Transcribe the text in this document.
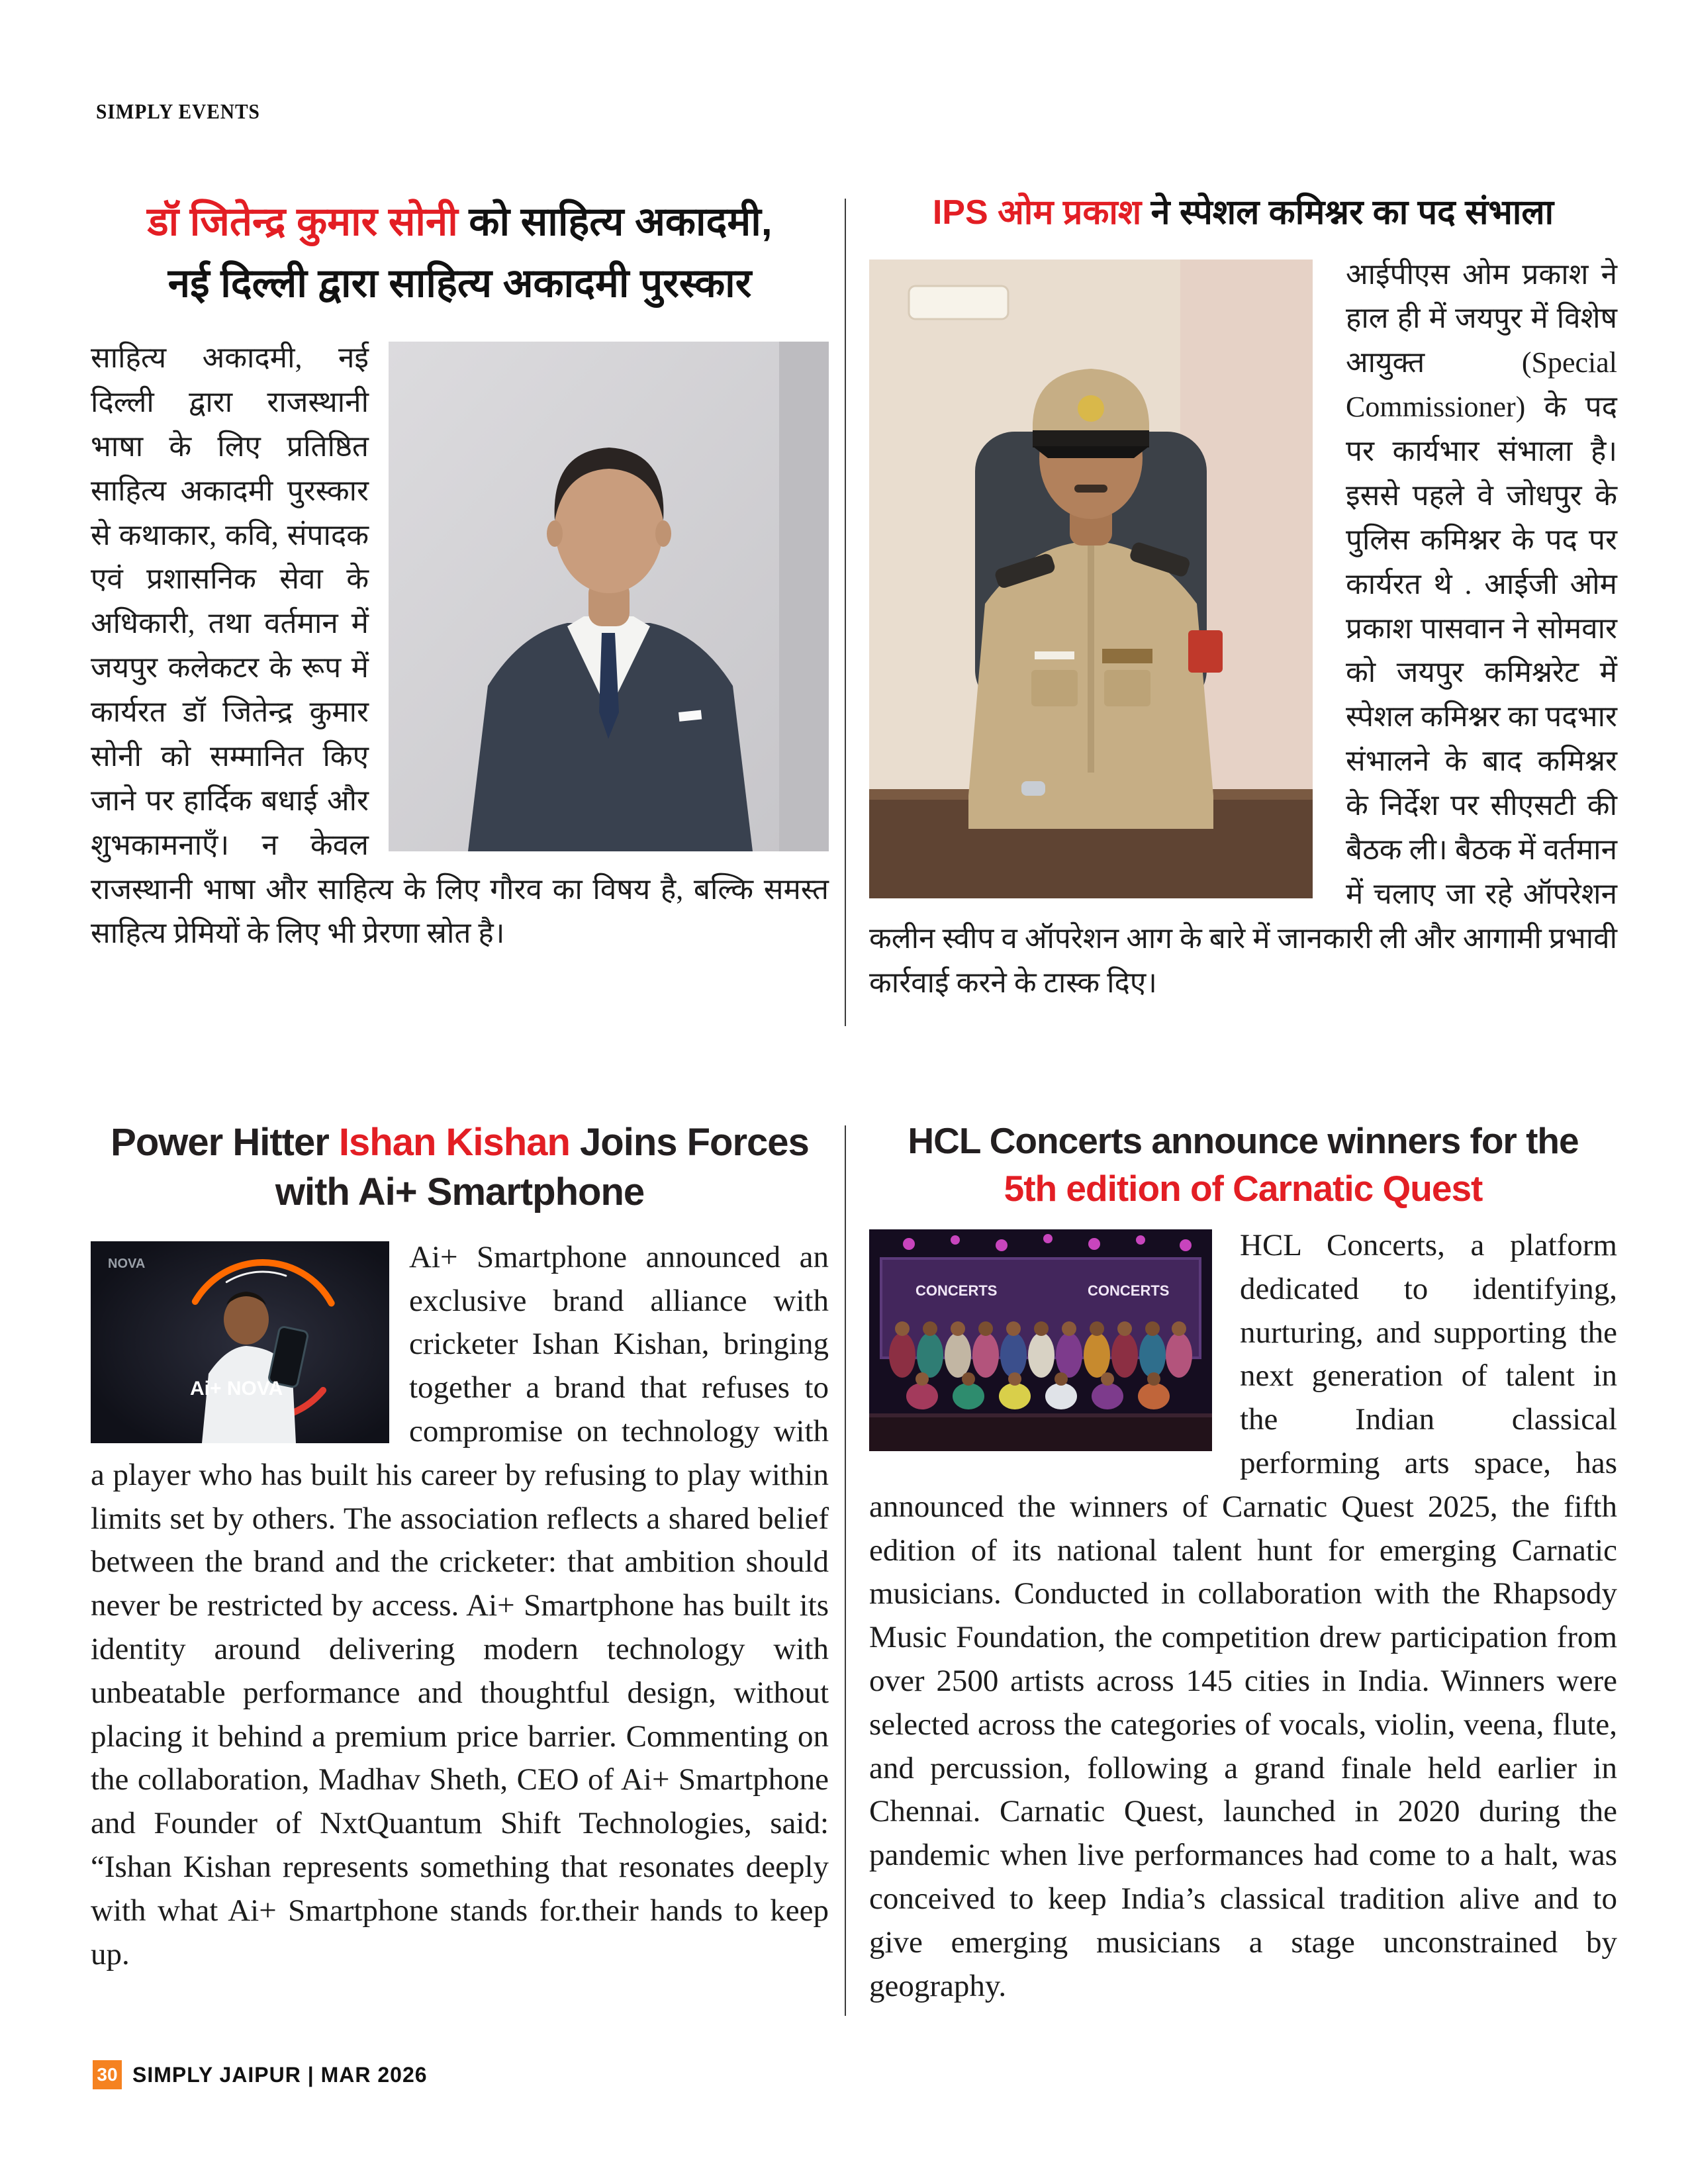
SIMPLY EVENTS
डॉ जितेन्द्र कुमार सोनी को साहित्य अकादमी,
नई दिल्ली द्वारा साहित्य अकादमी पुरस्कार
साहित्य अकादमी, नई दिल्ली द्वारा राजस्थानी भाषा के लिए प्रतिष्ठित साहित्य अकादमी पुरस्कार से कथाकार, कवि, संपादक एवं प्रशासनिक सेवा के अधिकारी, तथा वर्तमान में जयपुर कलेकटर के रूप में कार्यरत डॉ जितेन्द्र कुमार सोनी को सम्मानित किए जाने पर हार्दिक बधाई और शुभकामनाएँ। न केवल राजस्थानी भाषा और साहित्य के लिए गौरव का विषय है, बल्कि समस्त साहित्य प्रेमियों के लिए भी प्रेरणा स्रोत है।
IPS ओम प्रकाश ने स्पेशल कमिश्नर का पद संभाला
आईपीएस ओम प्रकाश ने हाल ही में जयपुर में विशेष आयुक्त (Special Commissioner) के पद पर कार्यभार संभाला है। इससे पहले वे जोधपुर के पुलिस कमिश्नर के पद पर कार्यरत थे . आईजी ओम प्रकाश पासवान ने सोमवार को जयपुर कमिश्नरेट में स्पेशल कमिश्नर का पदभार संभालने के बाद कमिश्नर के निर्देश पर सीएसटी की बैठक ली। बैठक में वर्तमान में चलाए जा रहे ऑपरेशन कलीन स्वीप व ऑपरेशन आग के बारे में जानकारी ली और आगामी प्रभावी कार्रवाई करने के टास्क दिए।
Power Hitter Ishan Kishan Joins Forces
with Ai+ Smartphone
NOVA
Ai+ NOVA
Ai+ Smartphone announced an exclusive brand alliance with cricketer Ishan Kishan, bringing together a brand that refuses to compromise on technology with a player who has built his career by refusing to play within limits set by others. The association reflects a shared belief between the brand and the cricketer: that ambition should never be restricted by access. Ai+ Smartphone has built its identity around delivering modern technology with unbeatable performance and thoughtful design, without placing it behind a premium price barrier. Commenting on the collaboration, Madhav Sheth, CEO of Ai+ Smartphone and Founder of NxtQuantum Shift Technologies, said: “Ishan Kishan represents something that resonates deeply with what Ai+ Smartphone stands for.their hands to keep up.
HCL Concerts announce winners for the
5th edition of Carnatic Quest
CONCERTS	CONCERTS
HCL Concerts, a platform dedicated to identifying, nurturing, and supporting the next generation of talent in the Indian classical performing arts space, has announced the winners of Carnatic Quest 2025, the fifth edition of its national talent hunt for emerging Carnatic musicians. Conducted in collaboration with the Rhapsody Music Foundation, the competition drew participation from over 2500 artists across 145 cities in India. Winners were selected across the categories of vocals, violin, veena, flute, and percussion, following a grand finale held earlier in Chennai. Carnatic Quest, launched in 2020 during the pandemic when live performances had come to a halt, was conceived to keep India’s classical tradition alive and to give emerging musicians a stage unconstrained by geography.
30 SIMPLY JAIPUR | MAR 2026
